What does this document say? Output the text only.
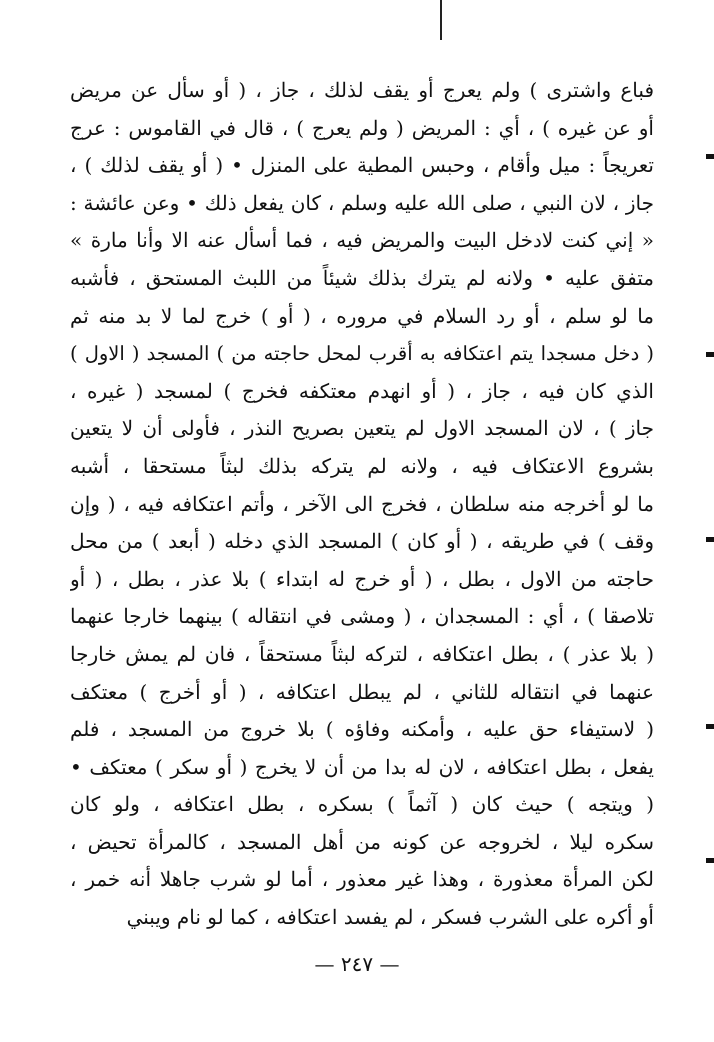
فباع واشترى ) ولم يعرج أو يقف لذلك ، جاز ، ( أو سأل عن مريض
أو عن غيره ) ، أي : المريض ( ولم يعرج ) ، قال في القاموس : عرج
تعريجاً : ميل وأقام ، وحبس المطية على المنزل • ( أو يقف لذلك ) ،
جاز ، لان النبي ، صلى الله عليه وسلم ، كان يفعل ذلك • وعن عائشة :
« إني كنت لادخل البيت والمريض فيه ، فما أسأل عنه الا وأنا مارة »
متفق عليه • ولانه لم يترك بذلك شيئاً من اللبث المستحق ، فأشبه
ما لو سلم ، أو رد السلام في مروره ، ( أو ) خرج لما لا بد منه ثم
( دخل مسجدا يتم اعتكافه به أقرب لمحل حاجته من ) المسجد ( الاول )
الذي كان فيه ، جاز ، ( أو انهدم معتكفه فخرج ) لمسجد ( غيره ،
جاز ) ، لان المسجد الاول لم يتعين بصريح النذر ، فأولى أن لا يتعين
بشروع الاعتكاف فيه ، ولانه لم يتركه بذلك لبثاً مستحقا ، أشبه
ما لو أخرجه منه سلطان ، فخرج الى الآخر ، وأتم اعتكافه فيه ، ( وإن
وقف ) في طريقه ، ( أو كان ) المسجد الذي دخله ( أبعد ) من محل
حاجته من الاول ، بطل ، ( أو خرج له ابتداء ) بلا عذر ، بطل ، ( أو
تلاصقا ) ، أي : المسجدان ، ( ومشى في انتقاله ) بينهما خارجا عنهما
( بلا عذر ) ، بطل اعتكافه ، لتركه لبثاً مستحقاً ، فان لم يمش خارجا
عنهما في انتقاله للثاني ، لم يبطل اعتكافه ، ( أو أخرج ) معتكف
( لاستيفاء حق عليه ، وأمكنه وفاؤه ) بلا خروج من المسجد ، فلم
يفعل ، بطل اعتكافه ، لان له بدا من أن لا يخرج ( أو سكر ) معتكف •
( ويتجه ) حيث كان ( آثماً ) بسكره ، بطل اعتكافه ، ولو كان
سكره ليلا ، لخروجه عن كونه من أهل المسجد ، كالمرأة تحيض ،
لكن المرأة معذورة ، وهذا غير معذور ، أما لو شرب جاهلا أنه خمر ،
أو أكره على الشرب فسكر ، لم يفسد اعتكافه ، كما لو نام ويبني
— ٢٤٧ —
